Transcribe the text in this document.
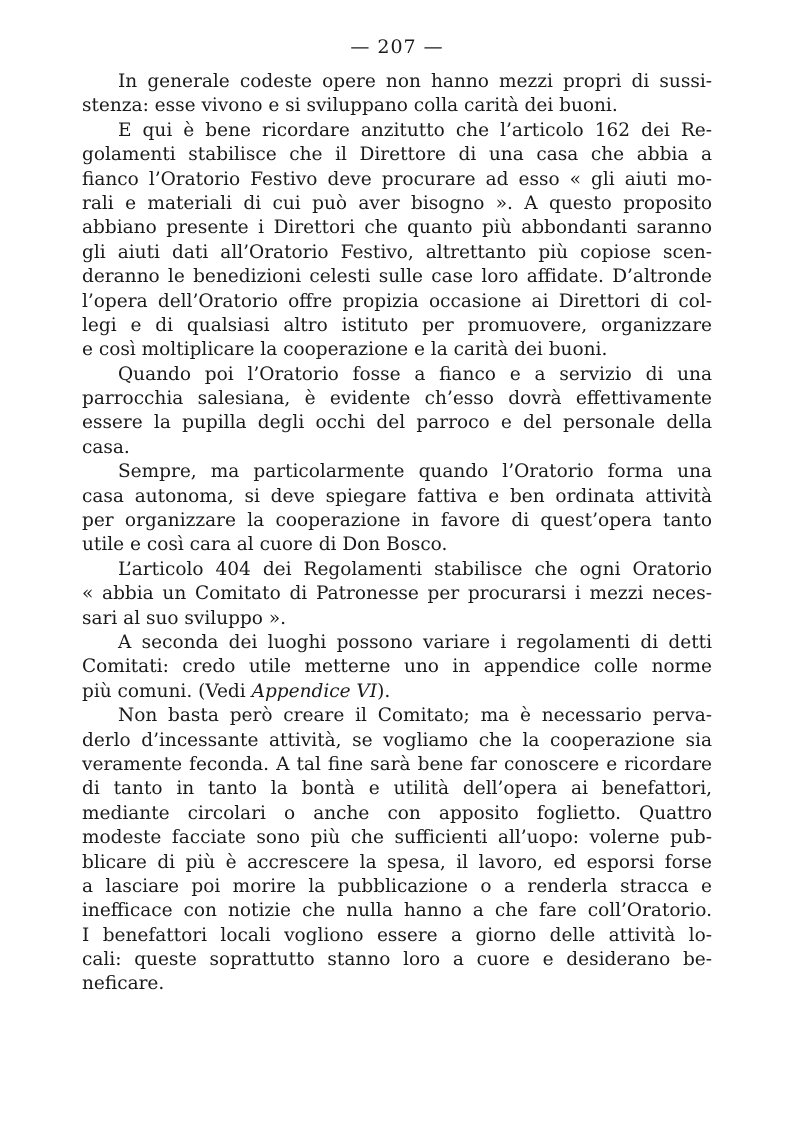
— 207 —
In generale codeste opere non hanno mezzi propri di sussi-
stenza: esse vivono e si sviluppano colla carità dei buoni.
E qui è bene ricordare anzitutto che l’articolo 162 dei Re-
golamenti stabilisce che il Direttore di una casa che abbia a
fianco l’Oratorio Festivo deve procurare ad esso « gli aiuti mo-
rali e materiali di cui può aver bisogno ». A questo proposito
abbiano presente i Direttori che quanto più abbondanti saranno
gli aiuti dati all’Oratorio Festivo, altrettanto più copiose scen-
deranno le benedizioni celesti sulle case loro affidate. D’altronde
l’opera dell’Oratorio offre propizia occasione ai Direttori di col-
legi e di qualsiasi altro istituto per promuovere, organizzare
e così moltiplicare la cooperazione e la carità dei buoni.
Quando poi l’Oratorio fosse a fianco e a servizio di una
parrocchia salesiana, è evidente ch’esso dovrà effettivamente
essere la pupilla degli occhi del parroco e del personale della
casa.
Sempre, ma particolarmente quando l’Oratorio forma una
casa autonoma, si deve spiegare fattiva e ben ordinata attività
per organizzare la cooperazione in favore di quest’opera tanto
utile e così cara al cuore di Don Bosco.
L’articolo 404 dei Regolamenti stabilisce che ogni Oratorio
« abbia un Comitato di Patronesse per procurarsi i mezzi neces-
sari al suo sviluppo ».
A seconda dei luoghi possono variare i regolamenti di detti
Comitati: credo utile metterne uno in appendice colle norme
più comuni. (Vedi Appendice VI).
Non basta però creare il Comitato; ma è necessario perva-
derlo d’incessante attività, se vogliamo che la cooperazione sia
veramente feconda. A tal fine sarà bene far conoscere e ricordare
di tanto in tanto la bontà e utilità dell’opera ai benefattori,
mediante circolari o anche con apposito foglietto. Quattro
modeste facciate sono più che sufficienti all’uopo: volerne pub-
blicare di più è accrescere la spesa, il lavoro, ed esporsi forse
a lasciare poi morire la pubblicazione o a renderla stracca e
inefficace con notizie che nulla hanno a che fare coll’Oratorio.
I benefattori locali vogliono essere a giorno delle attività lo-
cali: queste soprattutto stanno loro a cuore e desiderano be-
neficare.
